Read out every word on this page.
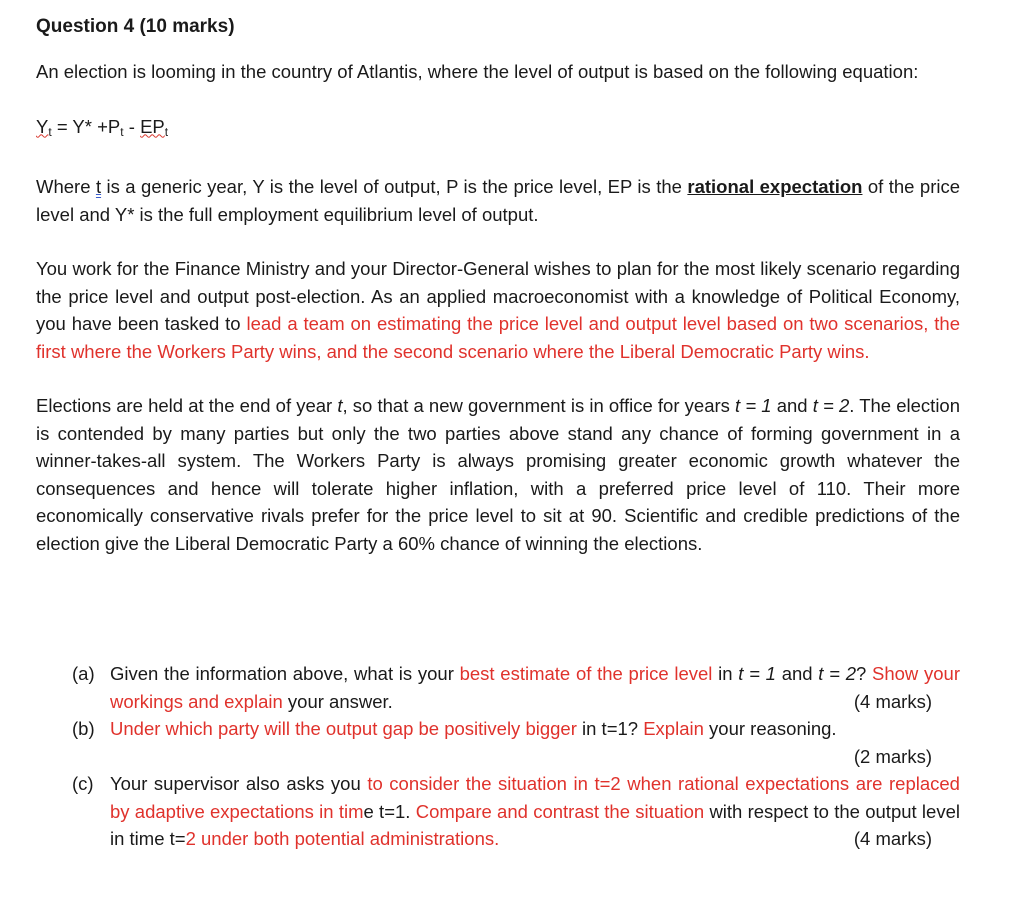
Question 4 (10 marks)

An election is looming in the country of Atlantis, where the level of output is based on the following equation:

$Y_t = Y* +P_t - EP_t$

Where t is a generic year, Y is the level of output, P is the price level, EP is the rational expectation of the price level and Y* is the full employment equilibrium level of output.

You work for the Finance Ministry and your Director-General wishes to plan for the most likely scenario regarding the price level and output post-election. As an applied macroeconomist with a knowledge of Political Economy, you have been tasked to lead a team on estimating the price level and output level based on two scenarios, the first where the Workers Party wins, and the second scenario where the Liberal Democratic Party wins.

Elections are held at the end of year t, so that a new government is in office for years t = 1 and t = 2. The election is contended by many parties but only the two parties above stand any chance of forming government in a winner-takes-all system. The Workers Party is always promising greater economic growth whatever the consequences and hence will tolerate higher inflation, with a preferred price level of 110. Their more economically conservative rivals prefer for the price level to sit at 90. Scientific and credible predictions of the election give the Liberal Democratic Party a 60% chance of winning the elections.

(a) Given the information above, what is your best estimate of the price level in t = 1 and t = 2? Show your workings and explain your answer.	(4 marks)

(b) Under which party will the output gap be positively bigger in t=1? Explain your reasoning.
(2 marks)

(c) Your supervisor also asks you to consider the situation in t=2 when rational expectations are replaced by adaptive expectations in time t=1. Compare and contrast the situation with respect to the output level in time t=2 under both potential administrations.	(4 marks)
